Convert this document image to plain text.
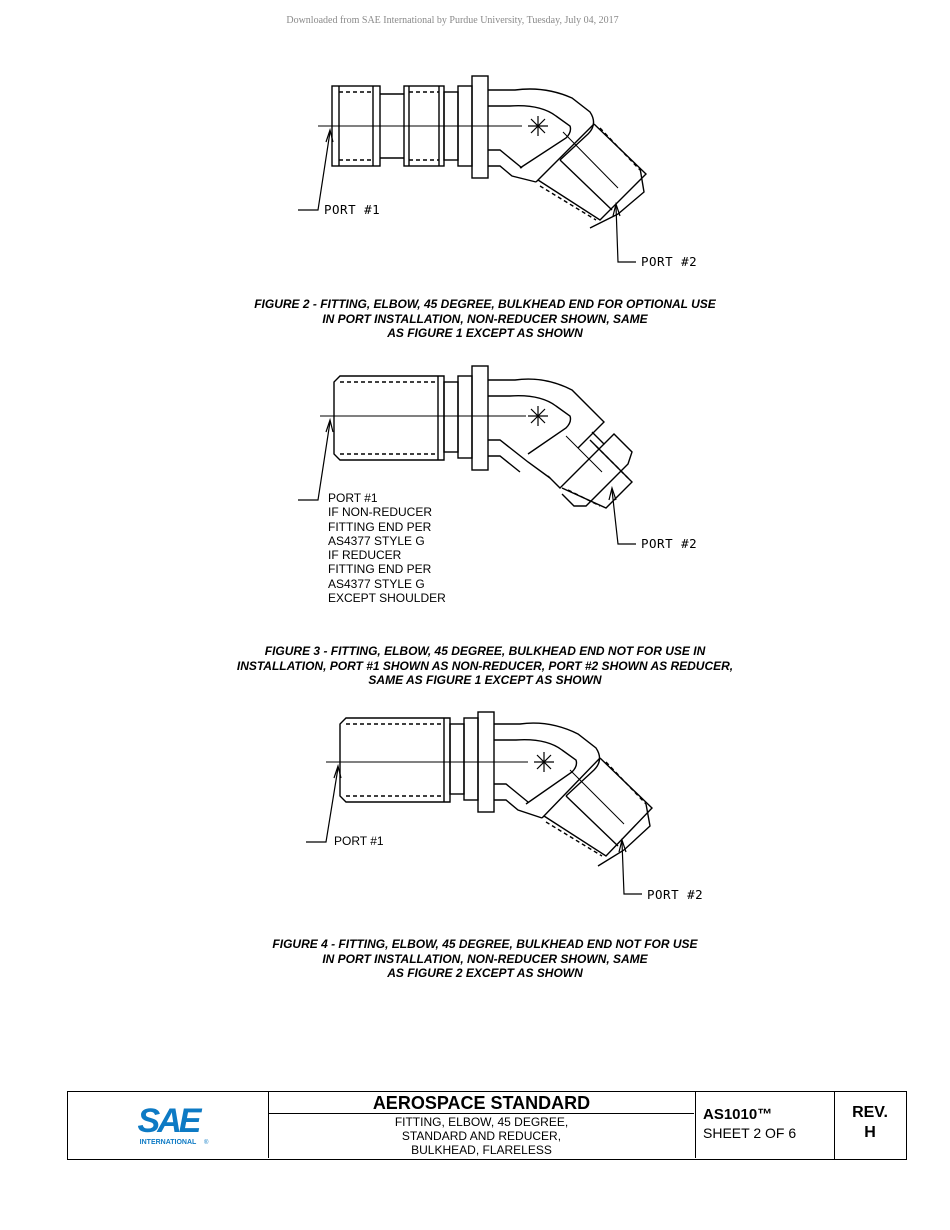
Downloaded from SAE International by Purdue University, Tuesday, July 04, 2017
PORT #1
PORT #2
FIGURE 2 - FITTING, ELBOW, 45 DEGREE, BULKHEAD END FOR OPTIONAL USE
IN PORT INSTALLATION, NON-REDUCER SHOWN, SAME
AS FIGURE 1 EXCEPT AS SHOWN
PORT #1
IF NON-REDUCER
FITTING END PER
AS4377 STYLE G
IF REDUCER
FITTING END PER
AS4377 STYLE G
EXCEPT SHOULDER
PORT #2
FIGURE 3 - FITTING, ELBOW, 45 DEGREE, BULKHEAD END NOT FOR USE IN
INSTALLATION, PORT #1 SHOWN AS NON-REDUCER, PORT #2 SHOWN AS REDUCER,
SAME AS FIGURE 1 EXCEPT AS SHOWN
PORT #1
PORT #2
FIGURE 4 - FITTING, ELBOW, 45 DEGREE, BULKHEAD END NOT FOR USE
IN PORT INSTALLATION, NON-REDUCER SHOWN, SAME
AS FIGURE 2 EXCEPT AS SHOWN
SAE
INTERNATIONAL ®
AEROSPACE STANDARD
FITTING, ELBOW, 45 DEGREE,
STANDARD AND REDUCER,
BULKHEAD, FLARELESS
AS1010™
SHEET 2 OF 6
REV.
H
